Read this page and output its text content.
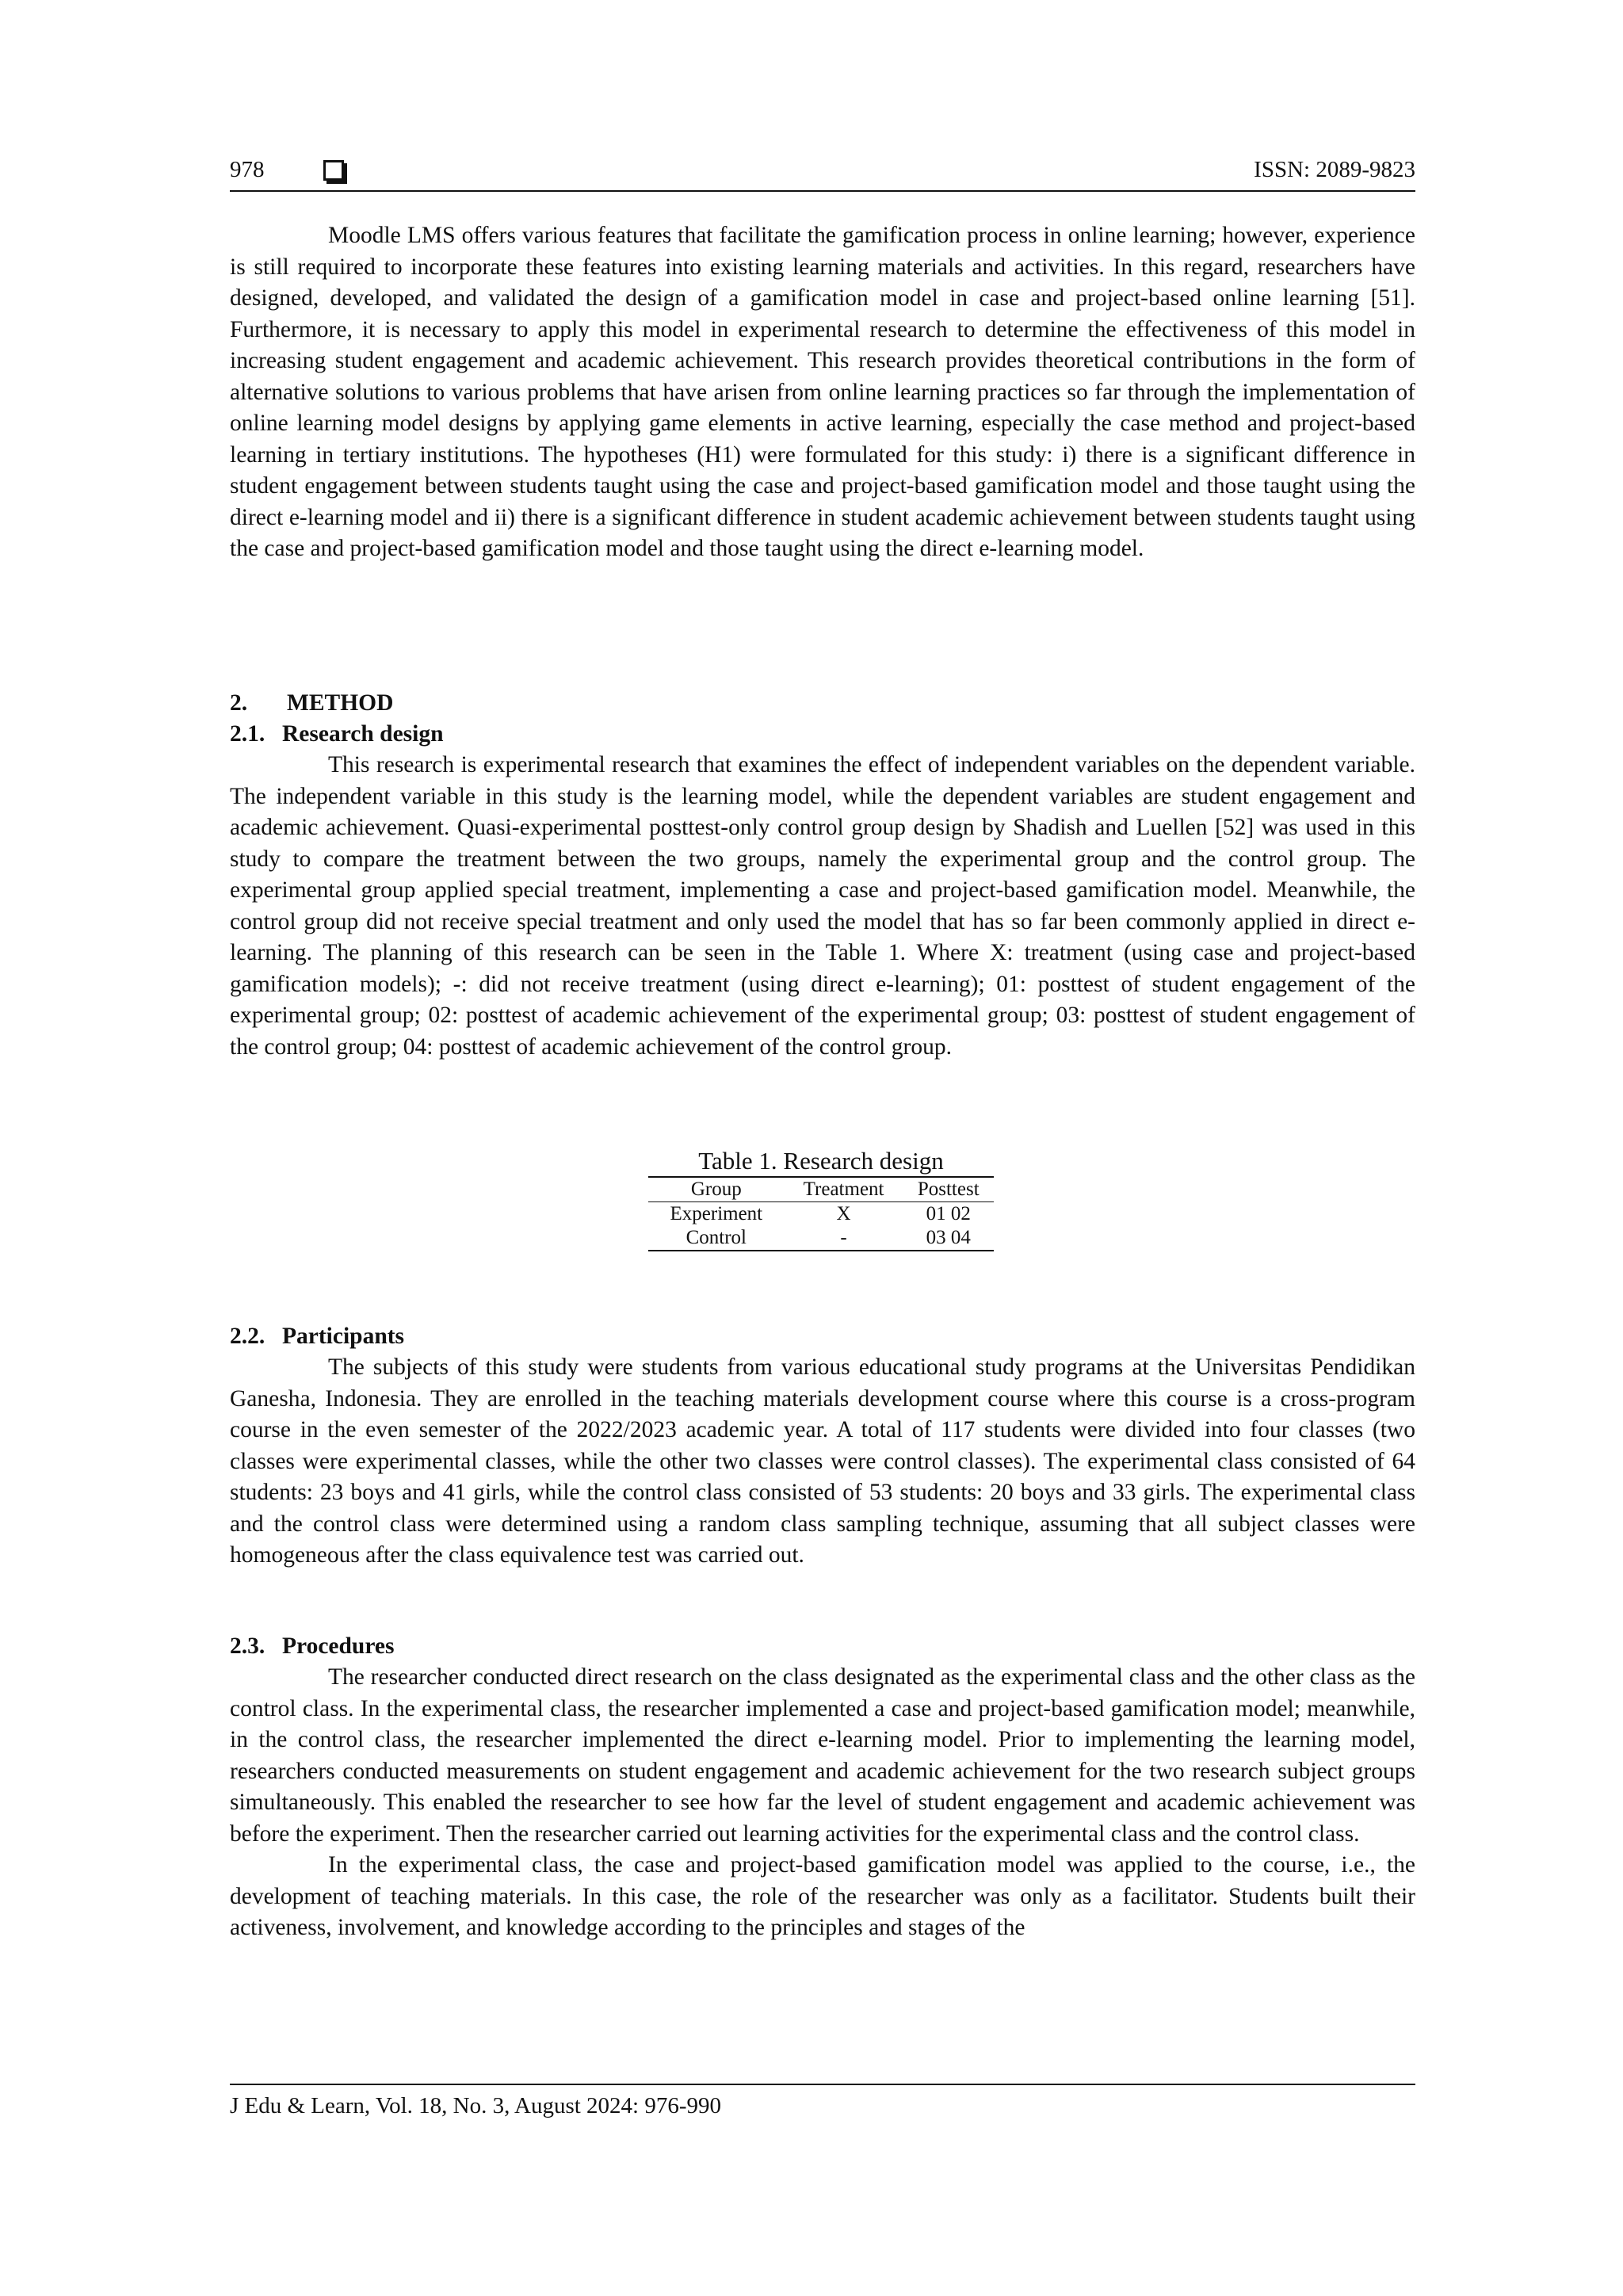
978	ISSN: 2089-9823

Moodle LMS offers various features that facilitate the gamification process in online learning; however, experience is still required to incorporate these features into existing learning materials and activities. In this regard, researchers have designed, developed, and validated the design of a gamification model in case and project-based online learning [51]. Furthermore, it is necessary to apply this model in experimental research to determine the effectiveness of this model in increasing student engagement and academic achievement. This research provides theoretical contributions in the form of alternative solutions to various problems that have arisen from online learning practices so far through the implementation of online learning model designs by applying game elements in active learning, especially the case method and project-based learning in tertiary institutions. The hypotheses (H1) were formulated for this study: i) there is a significant difference in student engagement between students taught using the case and project-based gamification model and those taught using the direct e-learning model and ii) there is a significant difference in student academic achievement between students taught using the case and project-based gamification model and those taught using the direct e-learning model.

2. METHOD
2.1. Research design

This research is experimental research that examines the effect of independent variables on the dependent variable. The independent variable in this study is the learning model, while the dependent variables are student engagement and academic achievement. Quasi-experimental posttest-only control group design by Shadish and Luellen [52] was used in this study to compare the treatment between the two groups, namely the experimental group and the control group. The experimental group applied special treatment, implementing a case and project-based gamification model. Meanwhile, the control group did not receive special treatment and only used the model that has so far been commonly applied in direct e-learning. The planning of this research can be seen in the Table 1. Where X: treatment (using case and project-based gamification models); -: did not receive treatment (using direct e-learning); 01: posttest of student engagement of the experimental group; 02: posttest of academic achievement of the experimental group; 03: posttest of student engagement of the control group; 04: posttest of academic achievement of the control group.

Table 1. Research design
Group	Treatment	Posttest
Experiment	X	01 02
Control	-	03 04
2.2. Participants

The subjects of this study were students from various educational study programs at the Universitas Pendidikan Ganesha, Indonesia. They are enrolled in the teaching materials development course where this course is a cross-program course in the even semester of the 2022/2023 academic year. A total of 117 students were divided into four classes (two classes were experimental classes, while the other two classes were control classes). The experimental class consisted of 64 students: 23 boys and 41 girls, while the control class consisted of 53 students: 20 boys and 33 girls. The experimental class and the control class were determined using a random class sampling technique, assuming that all subject classes were homogeneous after the class equivalence test was carried out.

2.3. Procedures

The researcher conducted direct research on the class designated as the experimental class and the other class as the control class. In the experimental class, the researcher implemented a case and project-based gamification model; meanwhile, in the control class, the researcher implemented the direct e-learning model. Prior to implementing the learning model, researchers conducted measurements on student engagement and academic achievement for the two research subject groups simultaneously. This enabled the researcher to see how far the level of student engagement and academic achievement was before the experiment. Then the researcher carried out learning activities for the experimental class and the control class.

In the experimental class, the case and project-based gamification model was applied to the course, i.e., the development of teaching materials. In this case, the role of the researcher was only as a facilitator. Students built their activeness, involvement, and knowledge according to the principles and stages of the

J Edu & Learn, Vol. 18, No. 3, August 2024: 976-990
